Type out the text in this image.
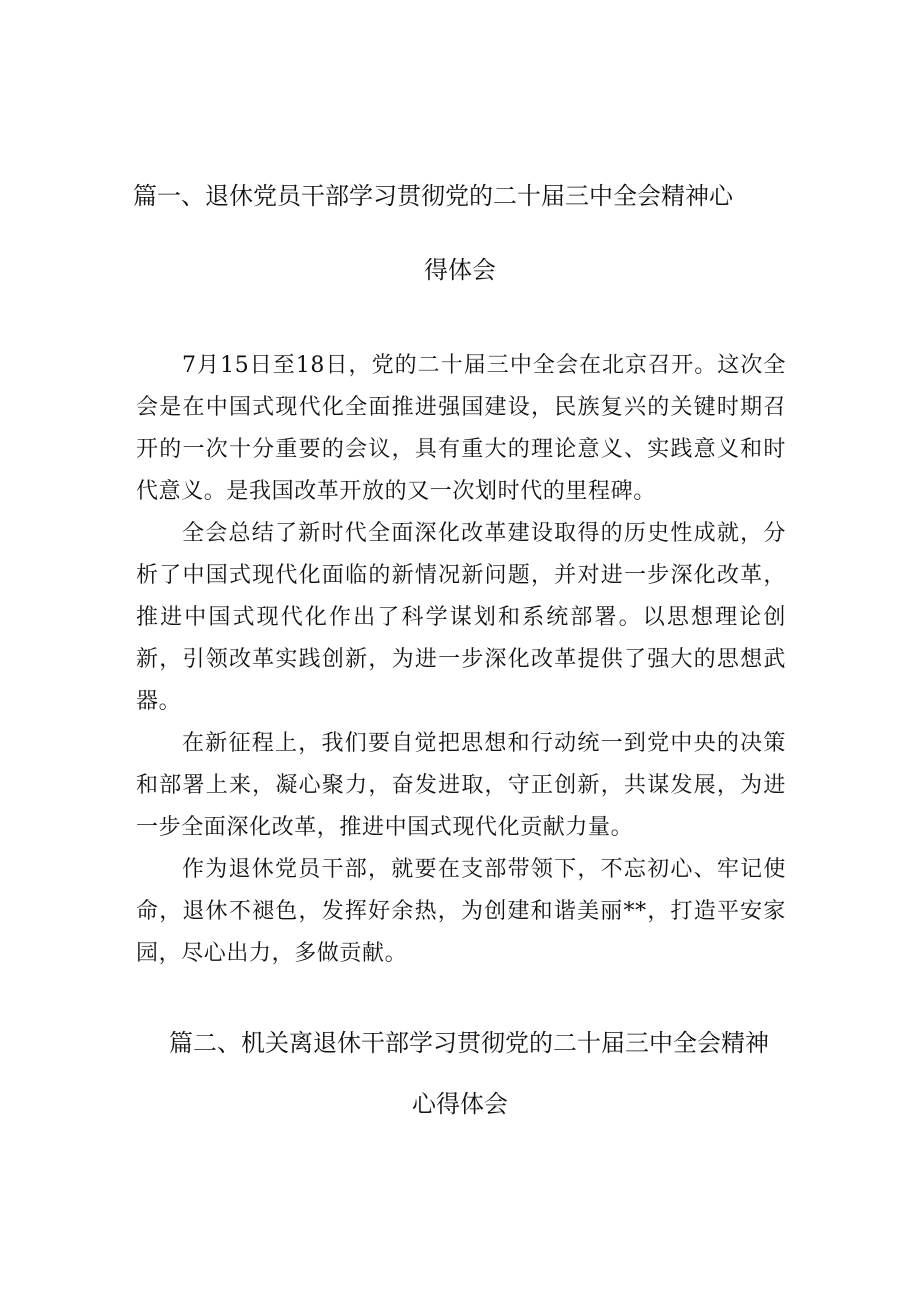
篇一、退休党员干部学习贯彻党的二十届三中全会精神心
得体会

7月15日至18日，党的二十届三中全会在北京召开。这次全会是在中国式现代化全面推进强国建设，民族复兴的关键时期召开的一次十分重要的会议，具有重大的理论意义、实践意义和时代意义。是我国改革开放的又一次划时代的里程碑。

全会总结了新时代全面深化改革建设取得的历史性成就，分析了中国式现代化面临的新情况新问题，并对进一步深化改革，推进中国式现代化作出了科学谋划和系统部署。以思想理论创新，引领改革实践创新，为进一步深化改革提供了强大的思想武器。

在新征程上，我们要自觉把思想和行动统一到党中央的决策和部署上来，凝心聚力，奋发进取，守正创新，共谋发展，为进一步全面深化改革，推进中国式现代化贡献力量。

作为退休党员干部，就要在支部带领下，不忘初心、牢记使命，退休不褪色，发挥好余热，为创建和谐美丽**，打造平安家园，尽心出力，多做贡献。

篇二、机关离退休干部学习贯彻党的二十届三中全会精神
心得体会
